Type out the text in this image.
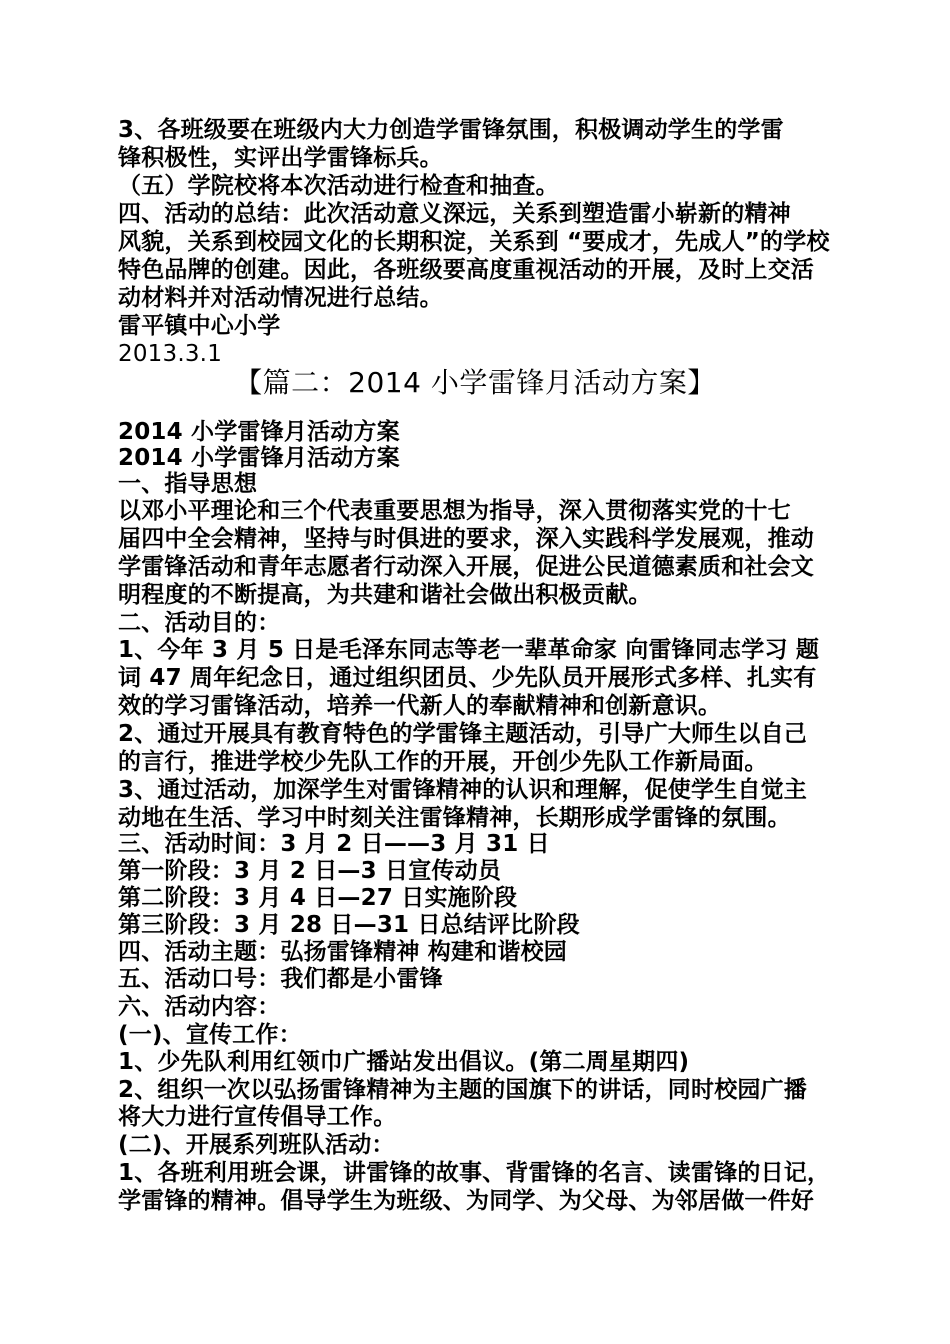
3、各班级要在班级内大力创造学雷锋氛围，积极调动学生的学雷
锋积极性，实评出学雷锋标兵。
（五）学院校将本次活动进行检查和抽查。
四、活动的总结：此次活动意义深远，关系到塑造雷小崭新的精神
风貌，关系到校园文化的长期积淀，关系到 “要成才，先成人”的学校
特色品牌的创建。因此，各班级要高度重视活动的开展，及时上交活
动材料并对活动情况进行总结。
雷平镇中心小学
2013.3.1
【篇二：2014 小学雷锋月活动方案】
2014 小学雷锋月活动方案
2014 小学雷锋月活动方案
一、指导思想
以邓小平理论和三个代表重要思想为指导，深入贯彻落实党的十七
届四中全会精神，坚持与时俱进的要求，深入实践科学发展观，推动
学雷锋活动和青年志愿者行动深入开展，促进公民道德素质和社会文
明程度的不断提高，为共建和谐社会做出积极贡献。
二、活动目的：
1、今年 3 月 5 日是毛泽东同志等老一辈革命家 向雷锋同志学习 题
词 47 周年纪念日，通过组织团员、少先队员开展形式多样、扎实有
效的学习雷锋活动，培养一代新人的奉献精神和创新意识。
2、通过开展具有教育特色的学雷锋主题活动，引导广大师生以自己
的言行，推进学校少先队工作的开展，开创少先队工作新局面。
3、通过活动，加深学生对雷锋精神的认识和理解，促使学生自觉主
动地在生活、学习中时刻关注雷锋精神，长期形成学雷锋的氛围。
三、活动时间：3 月 2 日——3 月 31 日
第一阶段：3 月 2 日—3 日宣传动员
第二阶段：3 月 4 日—27 日实施阶段
第三阶段：3 月 28 日—31 日总结评比阶段
四、活动主题：弘扬雷锋精神 构建和谐校园
五、活动口号：我们都是小雷锋
六、活动内容：
(一)、宣传工作：
1、少先队利用红领巾广播站发出倡议。(第二周星期四)
2、组织一次以弘扬雷锋精神为主题的国旗下的讲话，同时校园广播
将大力进行宣传倡导工作。
(二)、开展系列班队活动：
1、各班利用班会课，讲雷锋的故事、背雷锋的名言、读雷锋的日记，
学雷锋的精神。倡导学生为班级、为同学、为父母、为邻居做一件好
